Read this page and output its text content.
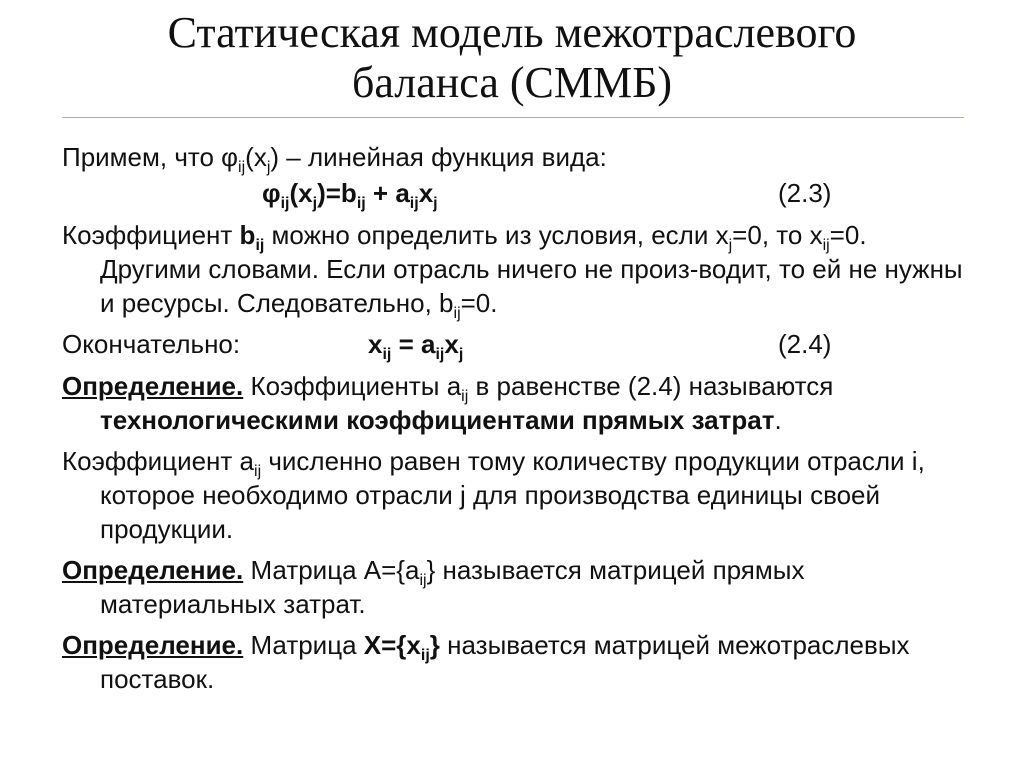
Статическая модель межотраслевого
баланса (СММБ)

Примем, что $\varphi_{ij}(x_j)$ – линейная функция вида:

$\varphi_{ij}(x_j)=b_{ij} + a_{ij}x_j$	(2.3)

Коэффициент $b_{ij}$ можно определить из условия, если $x_j=0$, то $x_{ij}=0$. Другими словами. Если отрасль ничего не произ-водит, то ей не нужны и ресурсы. Следовательно, $b_{ij}=0$.

Окончательно:	$x_{ij} = a_{ij}x_j$	(2.4)

Определение. Коэффициенты $a_{ij}$ в равенстве (2.4) называются технологическими коэффициентами прямых затрат.

Коэффициент $a_{ij}$ численно равен тому количеству продукции отрасли i, которое необходимо отрасли j для производства единицы своей продукции.

Определение. Матрица $A=\{a_{ij}\}$ называется матрицей прямых материальных затрат.

Определение. Матрица $X=\{x_{ij}\}$ называется матрицей межотраслевых поставок.
